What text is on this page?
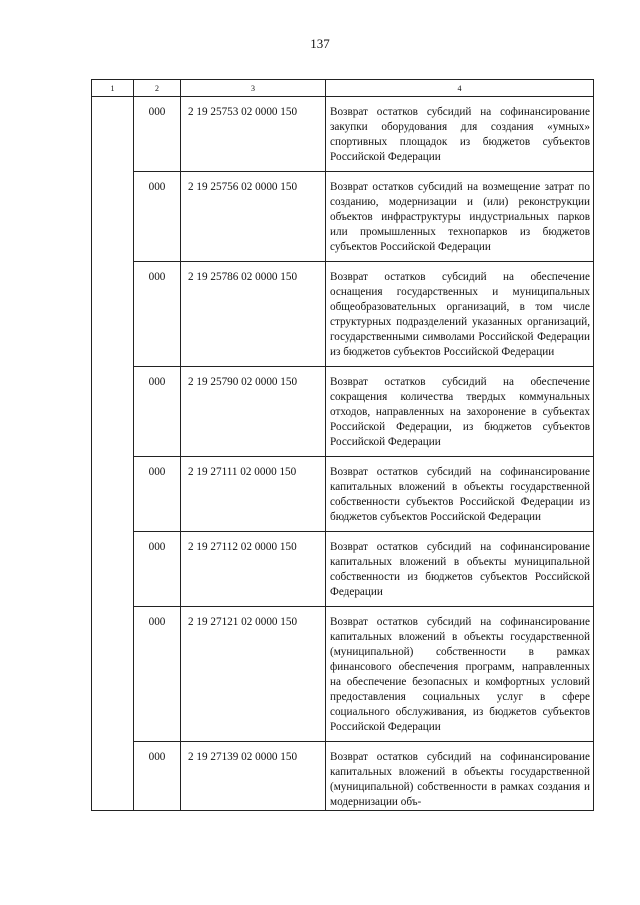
137
1	2	3	4
	000	2 19 25753 02 0000 150	Возврат остатков субсидий на софинансирование закупки оборудования для создания «умных» спортивных площадок из бюджетов субъектов Российской Федерации
	000	2 19 25756 02 0000 150	Возврат остатков субсидий на возмещение затрат по созданию, модернизации и (или) реконструкции объектов инфраструктуры индустриальных парков или промышленных технопарков из бюджетов субъектов Российской Федерации
	000	2 19 25786 02 0000 150	Возврат остатков субсидий на обеспечение оснащения государственных и муниципальных общеобразовательных организаций, в том числе структурных подразделений указанных организаций, государственными символами Российской Федерации из бюджетов субъектов Российской Федерации
	000	2 19 25790 02 0000 150	Возврат остатков субсидий на обеспечение сокращения количества твердых коммунальных отходов, направленных на захоронение в субъектах Российской Федерации, из бюджетов субъектов Российской Федерации
	000	2 19 27111 02 0000 150	Возврат остатков субсидий на софинансирование капитальных вложений в объекты государственной собственности субъектов Российской Федерации из бюджетов субъектов Российской Федерации
	000	2 19 27112 02 0000 150	Возврат остатков субсидий на софинансирование капитальных вложений в объекты муниципальной собственности из бюджетов субъектов Российской Федерации
	000	2 19 27121 02 0000 150	Возврат остатков субсидий на софинансирование капитальных вложений в объекты государственной (муниципальной) собственности в рамках финансового обеспечения программ, направленных на обеспечение безопасных и комфортных условий предоставления социальных услуг в сфере социального обслуживания, из бюджетов субъектов Российской Федерации
	000	2 19 27139 02 0000 150	Возврат остатков субсидий на софинансирование капитальных вложений в объекты государственной (муниципальной) собственности в рамках создания и модернизации объ-
